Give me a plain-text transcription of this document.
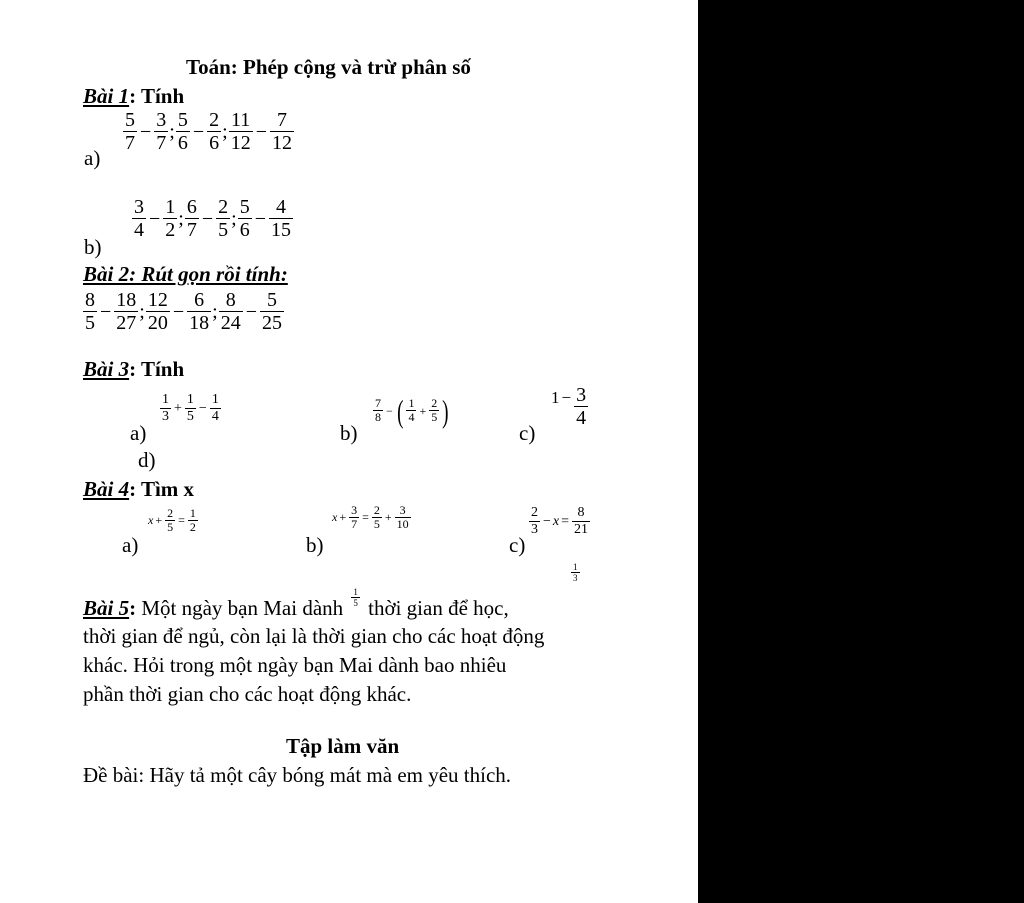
Toán: Phép cộng và trừ phân số
Bài 1: Tính
a)
$\frac{5}{7} - \frac{3}{7}$ ; $\frac{5}{6} - \frac{2}{6}$ ; $\frac{11}{12} - \frac{7}{12}$
b)
$\frac{3}{4} - \frac{1}{2}$ ; $\frac{6}{7} - \frac{2}{5}$ ; $\frac{5}{6} - \frac{4}{15}$
Bài 2: Rút gọn rồi tính:
$\frac{8}{5} - \frac{18}{27}$ ; $\frac{12}{20} - \frac{6}{18}$ ; $\frac{8}{24} - \frac{5}{25}$
Bài 3: Tính
a)
$\frac{1}{3} + \frac{1}{5} - \frac{1}{4}$
b)
$\frac{7}{8}$ − ( $\frac{1}{4} + \frac{2}{5}$ )
c)
$1 - \frac{3}{4}$
d)
Bài 4: Tìm x
a)
$x + \frac{2}{5} = \frac{1}{2}$
b)
$x + \frac{3}{7} = \frac{2}{5} + \frac{3}{10}$
c)
$\frac{2}{3} - x = \frac{8}{21}$
$\frac{1}{3}$
Bài 5: Một ngày bạn Mai dành $\frac{1}{5}$ thời gian để học,
thời gian để ngủ, còn lại là thời gian cho các hoạt động
khác. Hỏi trong một ngày bạn Mai dành bao nhiêu
phần thời gian cho các hoạt động khác.
Tập làm văn
Đề bài: Hãy tả một cây bóng mát mà em yêu thích.
